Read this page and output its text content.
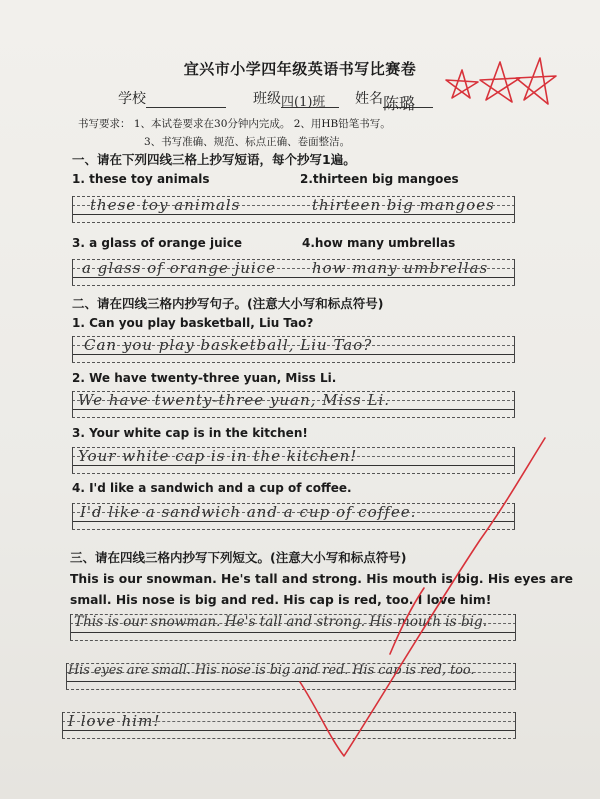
宜兴市小学四年级英语书写比赛卷
学校	班级四(1)班	姓名陈璐
书写要求： 1、本试卷要求在30分钟内完成。 2、用HB铅笔书写。
3、书写准确、规范、标点正确、卷面整洁。
一、请在下列四线三格上抄写短语，每个抄写1遍。
1. these toy animals	2.thirteen big mangoes
these toy animals	thirteen big mangoes
3. a glass of orange juice	4.how many umbrellas
a glass of orange juice how many umbrellas
二、请在四线三格内抄写句子。(注意大小写和标点符号)
1. Can you play basketball, Liu Tao?
Can you play basketball, Liu Tao?
2. We have twenty-three yuan, Miss Li.
We have twenty-three yuan, Miss Li.
3. Your white cap is in the kitchen!
Your white cap is in the kitchen!
4. I'd like a sandwich and a cup of coffee.
I'd like a sandwich and a cup of coffee.
三、请在四线三格内抄写下列短文。(注意大小写和标点符号)
This is our snowman. He's tall and strong. His mouth is big. His eyes are
small. His nose is big and red. His cap is red, too. I love him!
This is our snowman. He's tall and strong. His mouth is big.
His eyes are small. His nose is big and red. His cap is red, too.
I love him!
